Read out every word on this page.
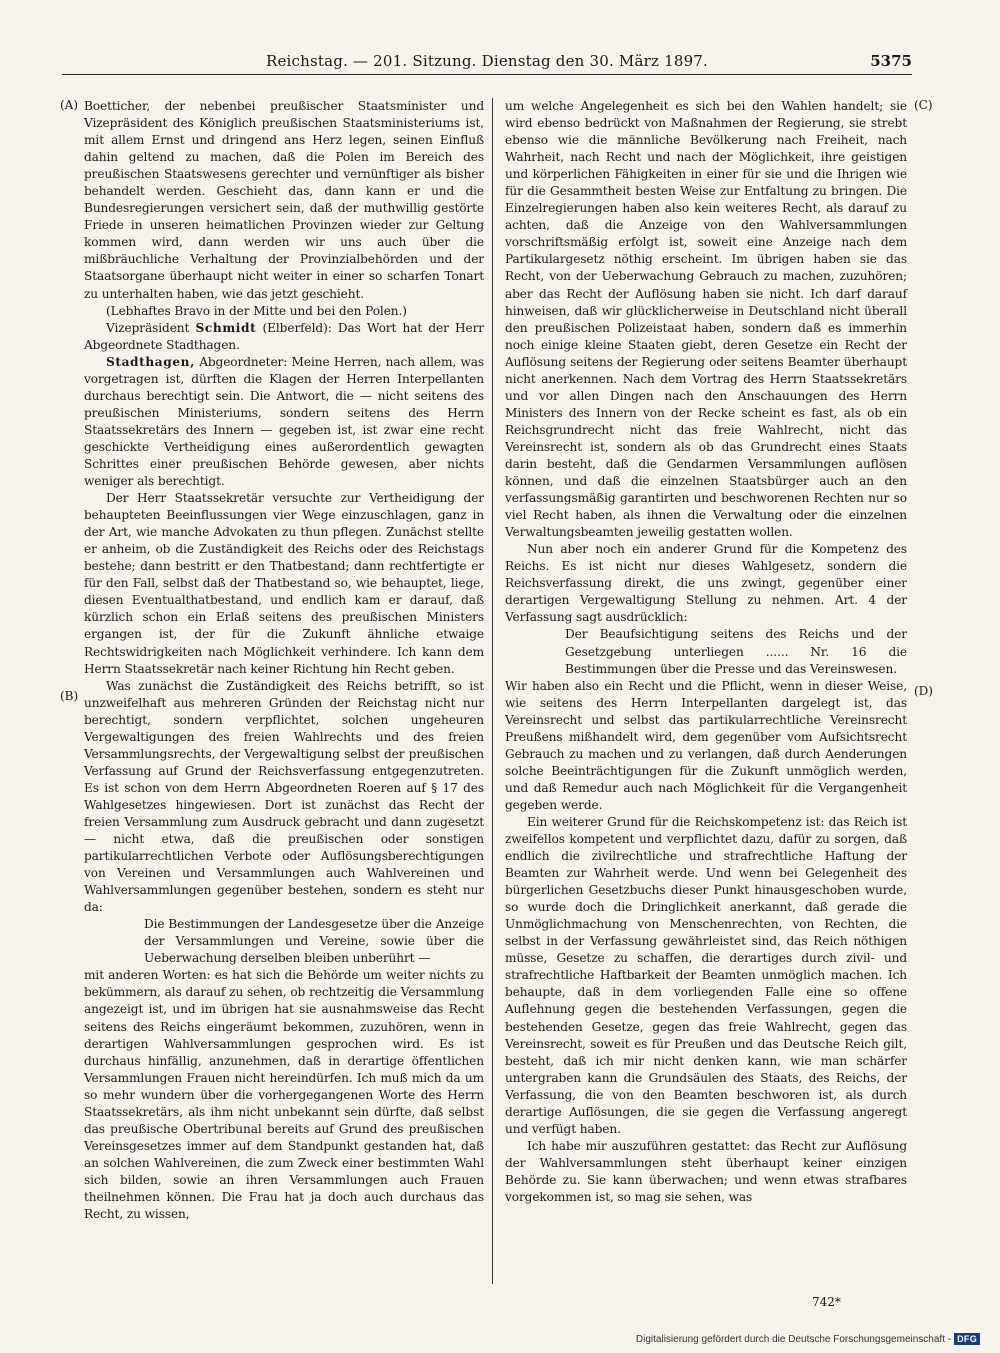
Reichstag. — 201. Sitzung. Dienstag den 30. März 1897.	5375
(A)
(B)
(C)
(D)

Boetticher, der nebenbei preußischer Staatsminister und Vizepräsident des Königlich preußischen Staatsministeriums ist, mit allem Ernst und dringend ans Herz legen, seinen Einfluß dahin geltend zu machen, daß die Polen im Bereich des preußischen Staatswesens gerechter und vernünftiger als bisher behandelt werden. Geschieht das, dann kann er und die Bundesregierungen versichert sein, daß der muthwillig gestörte Friede in unseren heimatlichen Provinzen wieder zur Geltung kommen wird, dann werden wir uns auch über die mißbräuchliche Verhaltung der Provinzialbehörden und der Staatsorgane überhaupt nicht weiter in einer so scharfen Tonart zu unterhalten haben, wie das jetzt geschieht.

(Lebhaftes Bravo in der Mitte und bei den Polen.)

Vizepräsident Schmidt (Elberfeld): Das Wort hat der Herr Abgeordnete Stadthagen.

Stadthagen, Abgeordneter: Meine Herren, nach allem, was vorgetragen ist, dürften die Klagen der Herren Interpellanten durchaus berechtigt sein. Die Antwort, die — nicht seitens des preußischen Ministeriums, sondern seitens des Herrn Staatssekretärs des Innern — gegeben ist, ist zwar eine recht geschickte Vertheidigung eines außerordentlich gewagten Schrittes einer preußischen Behörde gewesen, aber nichts weniger als berechtigt.

Der Herr Staatssekretär versuchte zur Vertheidigung der behaupteten Beeinflussungen vier Wege einzuschlagen, ganz in der Art, wie manche Advokaten zu thun pflegen. Zunächst stellte er anheim, ob die Zuständigkeit des Reichs oder des Reichstags bestehe; dann bestritt er den Thatbestand; dann rechtfertigte er für den Fall, selbst daß der Thatbestand so, wie behauptet, liege, diesen Eventualthatbestand, und endlich kam er darauf, daß kürzlich schon ein Erlaß seitens des preußischen Ministers ergangen ist, der für die Zukunft ähnliche etwaige Rechtswidrigkeiten nach Möglichkeit verhindere. Ich kann dem Herrn Staatssekretär nach keiner Richtung hin Recht geben.

Was zunächst die Zuständigkeit des Reichs betrifft, so ist unzweifelhaft aus mehreren Gründen der Reichstag nicht nur berechtigt, sondern verpflichtet, solchen ungeheuren Vergewaltigungen des freien Wahlrechts und des freien Versammlungsrechts, der Vergewaltigung selbst der preußischen Verfassung auf Grund der Reichsverfassung entgegenzutreten. Es ist schon von dem Herrn Abgeordneten Roeren auf § 17 des Wahlgesetzes hingewiesen. Dort ist zunächst das Recht der freien Versammlung zum Ausdruck gebracht und dann zugesetzt — nicht etwa, daß die preußischen oder sonstigen partikularrechtlichen Verbote oder Auflösungsberechtigungen von Vereinen und Versammlungen auch Wahlvereinen und Wahlversammlungen gegenüber bestehen, sondern es steht nur da:

Die Bestimmungen der Landesgesetze über die Anzeige der Versammlungen und Vereine, sowie über die Ueberwachung derselben bleiben unberührt —

mit anderen Worten: es hat sich die Behörde um weiter nichts zu bekümmern, als darauf zu sehen, ob rechtzeitig die Versammlung angezeigt ist, und im übrigen hat sie ausnahmsweise das Recht seitens des Reichs eingeräumt bekommen, zuzuhören, wenn in derartigen Wahlversammlungen gesprochen wird. Es ist durchaus hinfällig, anzunehmen, daß in derartige öffentlichen Versammlungen Frauen nicht hereindürfen. Ich muß mich da um so mehr wundern über die vorhergegangenen Worte des Herrn Staatssekretärs, als ihm nicht unbekannt sein dürfte, daß selbst das preußische Obertribunal bereits auf Grund des preußischen Vereinsgesetzes immer auf dem Standpunkt gestanden hat, daß an solchen Wahlvereinen, die zum Zweck einer bestimmten Wahl sich bilden, sowie an ihren Versammlungen auch Frauen theilnehmen können. Die Frau hat ja doch auch durchaus das Recht, zu wissen,

um welche Angelegenheit es sich bei den Wahlen handelt; sie wird ebenso bedrückt von Maßnahmen der Regierung, sie strebt ebenso wie die männliche Bevölkerung nach Freiheit, nach Wahrheit, nach Recht und nach der Möglichkeit, ihre geistigen und körperlichen Fähigkeiten in einer für sie und die Ihrigen wie für die Gesammtheit besten Weise zur Entfaltung zu bringen. Die Einzelregierungen haben also kein weiteres Recht, als darauf zu achten, daß die Anzeige von den Wahlversammlungen vorschriftsmäßig erfolgt ist, soweit eine Anzeige nach dem Partikulargesetz nöthig erscheint. Im übrigen haben sie das Recht, von der Ueberwachung Gebrauch zu machen, zuzuhören; aber das Recht der Auflösung haben sie nicht. Ich darf darauf hinweisen, daß wir glücklicherweise in Deutschland nicht überall den preußischen Polizeistaat haben, sondern daß es immerhin noch einige kleine Staaten giebt, deren Gesetze ein Recht der Auflösung seitens der Regierung oder seitens Beamter überhaupt nicht anerkennen. Nach dem Vortrag des Herrn Staatssekretärs und vor allen Dingen nach den Anschauungen des Herrn Ministers des Innern von der Recke scheint es fast, als ob ein Reichsgrundrecht nicht das freie Wahlrecht, nicht das Vereinsrecht ist, sondern als ob das Grundrecht eines Staats darin besteht, daß die Gendarmen Versammlungen auflösen können, und daß die einzelnen Staatsbürger auch an den verfassungsmäßig garantirten und beschworenen Rechten nur so viel Recht haben, als ihnen die Verwaltung oder die einzelnen Verwaltungsbeamten jeweilig gestatten wollen.

Nun aber noch ein anderer Grund für die Kompetenz des Reichs. Es ist nicht nur dieses Wahlgesetz, sondern die Reichsverfassung direkt, die uns zwingt, gegenüber einer derartigen Vergewaltigung Stellung zu nehmen. Art. 4 der Verfassung sagt ausdrücklich:

Der Beaufsichtigung seitens des Reichs und der Gesetzgebung unterliegen ...... Nr. 16 die Bestimmungen über die Presse und das Vereinswesen.

Wir haben also ein Recht und die Pflicht, wenn in dieser Weise, wie seitens des Herrn Interpellanten dargelegt ist, das Vereinsrecht und selbst das partikularrechtliche Vereinsrecht Preußens mißhandelt wird, dem gegenüber vom Aufsichtsrecht Gebrauch zu machen und zu verlangen, daß durch Aenderungen solche Beeinträchtigungen für die Zukunft unmöglich werden, und daß Remedur auch nach Möglichkeit für die Vergangenheit gegeben werde.

Ein weiterer Grund für die Reichskompetenz ist: das Reich ist zweifellos kompetent und verpflichtet dazu, dafür zu sorgen, daß endlich die zivilrechtliche und strafrechtliche Haftung der Beamten zur Wahrheit werde. Und wenn bei Gelegenheit des bürgerlichen Gesetzbuchs dieser Punkt hinausgeschoben wurde, so wurde doch die Dringlichkeit anerkannt, daß gerade die Unmöglichmachung von Menschenrechten, von Rechten, die selbst in der Verfassung gewährleistet sind, das Reich nöthigen müsse, Gesetze zu schaffen, die derartiges durch zivil- und strafrechtliche Haftbarkeit der Beamten unmöglich machen. Ich behaupte, daß in dem vorliegenden Falle eine so offene Auflehnung gegen die bestehenden Verfassungen, gegen die bestehenden Gesetze, gegen das freie Wahlrecht, gegen das Vereinsrecht, soweit es für Preußen und das Deutsche Reich gilt, besteht, daß ich mir nicht denken kann, wie man schärfer untergraben kann die Grundsäulen des Staats, des Reichs, der Verfassung, die von den Beamten beschworen ist, als durch derartige Auflösungen, die sie gegen die Verfassung angeregt und verfügt haben.

Ich habe mir auszuführen gestattet: das Recht zur Auflösung der Wahlversammlungen steht überhaupt keiner einzigen Behörde zu. Sie kann überwachen; und wenn etwas strafbares vorgekommen ist, so mag sie sehen, was

742*
Digitalisierung gefördert durch die Deutsche Forschungsgemeinschaft - DFG
